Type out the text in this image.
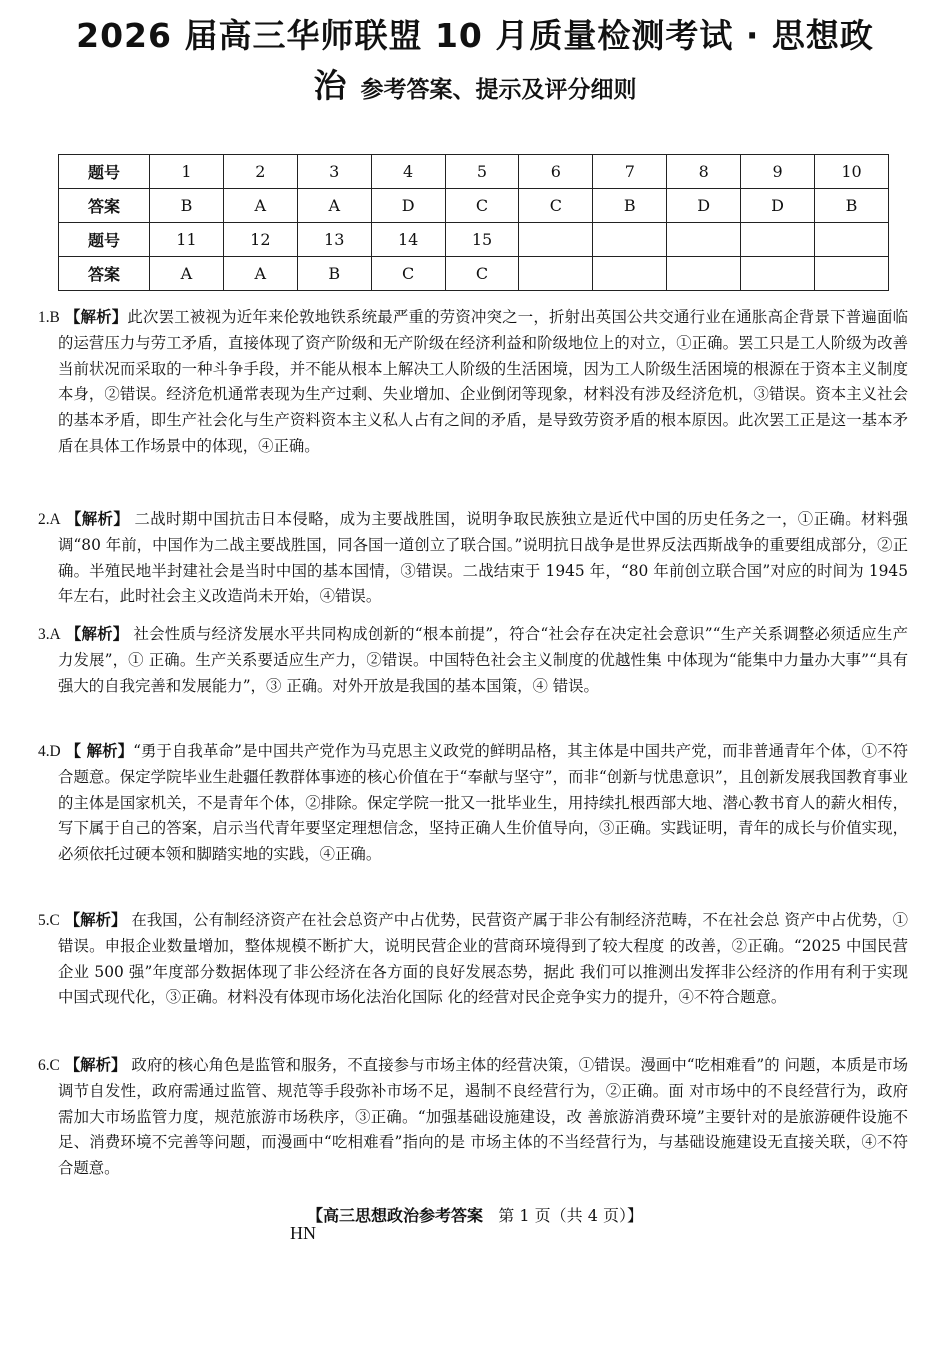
2026 届高三华师联盟 10 月质量检测考试 · 思想政
治 参考答案、提示及评分细则
题号	1	2	3	4	5	6	7	8	9	10
答案	B	A	A	D	C	C	B	D	D	B
题号	11	12	13	14	15					
答案	A	A	B	C	C					

1.B 【解析】此次罢工被视为近年来伦敦地铁系统最严重的劳资冲突之一，折射出英国公共交通行业在通胀高企背景下普遍面临的运营压力与劳工矛盾，直接体现了资产阶级和无产阶级在经济利益和阶级地位上的对立，①正确。罢工只是工人阶级为改善当前状况而采取的一种斗争手段，并不能从根本上解决工人阶级的生活困境，因为工人阶级生活困境的根源在于资本主义制度本身，②错误。经济危机通常表现为生产过剩、失业增加、企业倒闭等现象，材料没有涉及经济危机，③错误。资本主义社会的基本矛盾，即生产社会化与生产资料资本主义私人占有之间的矛盾，是导致劳资矛盾的根本原因。此次罢工正是这一基本矛盾在具体工作场景中的体现，④正确。

2.A 【解析】 二战时期中国抗击日本侵略，成为主要战胜国，说明争取民族独立是近代中国的历史任务之一，①正确。材料强调“80 年前，中国作为二战主要战胜国，同各国一道创立了联合国。”说明抗日战争是世界反法西斯战争的重要组成部分，②正确。半殖民地半封建社会是当时中国的基本国情，③错误。二战结束于 1945 年，“80 年前创立联合国”对应的时间为 1945 年左右，此时社会主义改造尚未开始，④错误。

3.A 【解析】 社会性质与经济发展水平共同构成创新的“根本前提”，符合“社会存在决定社会意识”“生产关系调整必须适应生产力发展”，① 正确。生产关系要适应生产力，②错误。中国特色社会主义制度的优越性集 中体现为“能集中力量办大事”“具有强大的自我完善和发展能力”，③ 正确。对外开放是我国的基本国策，④ 错误。

4.D 【 解析】“勇于自我革命”是中国共产党作为马克思主义政党的鲜明品格，其主体是中国共产党，而非普通青年个体，①不符合题意。保定学院毕业生赴疆任教群体事迹的核心价值在于“奉献与坚守”，而非“创新与忧患意识”，且创新发展我国教育事业的主体是国家机关，不是青年个体，②排除。保定学院一批又一批毕业生，用持续扎根西部大地、潜心教书育人的薪火相传，写下属于自己的答案，启示当代青年要坚定理想信念，坚持正确人生价值导向，③正确。实践证明，青年的成长与价值实现，必须依托过硬本领和脚踏实地的实践，④正确。

5.C 【解析】 在我国，公有制经济资产在社会总资产中占优势，民营资产属于非公有制经济范畴，不在社会总 资产中占优势，①错误。申报企业数量增加，整体规模不断扩大，说明民营企业的营商环境得到了较大程度 的改善，②正确。“2025 中国民营企业 500 强”年度部分数据体现了非公经济在各方面的良好发展态势，据此 我们可以推测出发挥非公经济的作用有利于实现中国式现代化，③正确。材料没有体现市场化法治化国际 化的经营对民企竞争实力的提升，④不符合题意。

6.C 【解析】 政府的核心角色是监管和服务，不直接参与市场主体的经营决策，①错误。漫画中“吃相难看”的 问题，本质是市场调节自发性，政府需通过监管、规范等手段弥补市场不足，遏制不良经营行为，②正确。面 对市场中的不良经营行为，政府需加大市场监管力度，规范旅游市场秩序，③正确。“加强基础设施建设，改 善旅游消费环境”主要针对的是旅游硬件设施不足、消费环境不完善等问题，而漫画中“吃相难看”指向的是 市场主体的不当经营行为，与基础设施建设无直接关联，④不符合题意。

【高三思想政治参考答案 第 1 页（共 4 页）】
HN
